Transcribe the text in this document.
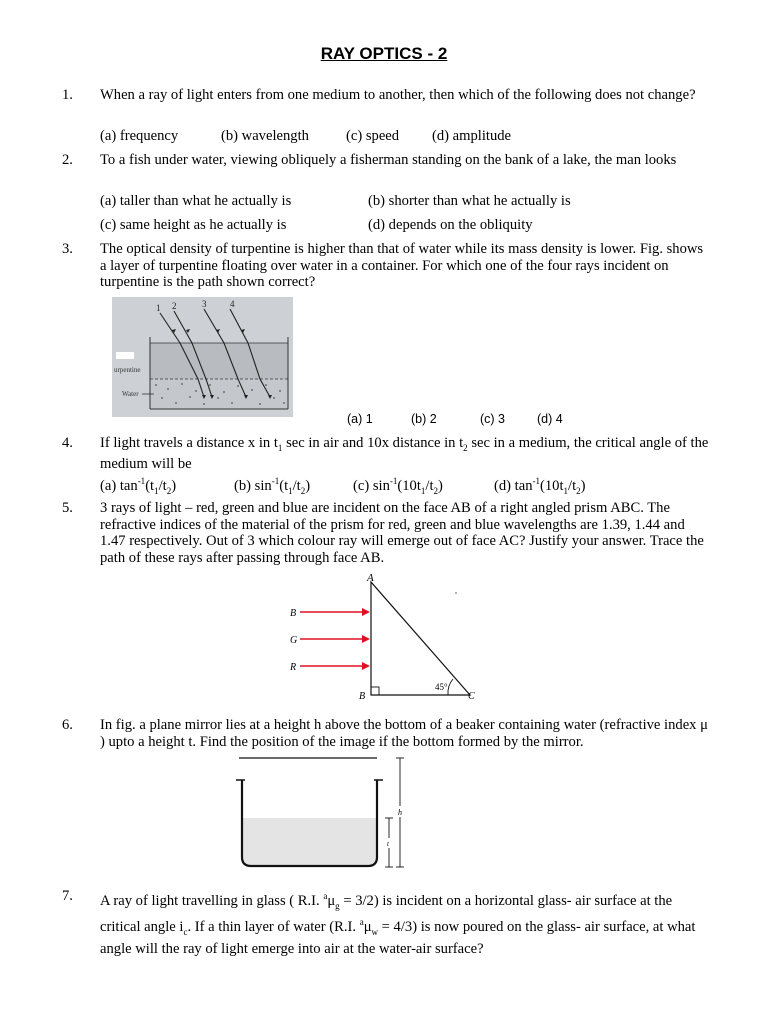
RAY OPTICS - 2
1. When a ray of light enters from one medium to another, then which of the following does not change?
(a) frequency	(b) wavelength	(c) speed (d) amplitude
2. To a fish under water, viewing obliquely a fisherman standing on the bank of a lake, the man looks
(a) taller than what he actually is	(b) shorter than what he actually is
(c) same height as he actually is	(d) depends on the obliquity
3. The optical density of turpentine is higher than that of water while its mass density is lower. Fig. shows a layer of turpentine floating over water in a container. For which one of the four rays incident on turpentine is the path shown correct?
urpentine
Water
1 2	3	4
(a) 1	(b) 2	(c) 3	(d) 4
4. If light travels a distance x in $t_1$ sec in air and 10x distance in $t_2$ sec in a medium, the critical angle of the medium will be
(a) $\tan^{-1}(t_1/t_2)$	(b) $\sin^{-1}(t_1/t_2)$	(c) $\sin^{-1}(10t_1/t_2)$	(d) $\tan^{-1}(10t_1/t_2)$
5. 3 rays of light – red, green and blue are incident on the face AB of a right angled prism ABC. The refractive indices of the material of the prism for red, green and blue wavelengths are 1.39, 1.44 and 1.47 respectively. Out of 3 which colour ray will emerge out of face AC? Justify your answer. Trace the path of these rays after passing through face AB.
A
B	C
B
G
R
45°
6. In fig. a plane mirror lies at a height h above the bottom of a beaker containing water (refractive index μ ) upto a height t. Find the position of the image if the bottom formed by the mirror.
h
t
7. A ray of light travelling in glass ( R.I. $^a\mu_g = 3/2$) is incident on a horizontal glass- air surface at the critical angle $i_c$. If a thin layer of water (R.I. $^a\mu_w = 4/3$) is now poured on the glass- air surface, at what angle will the ray of light emerge into air at the water-air surface?
